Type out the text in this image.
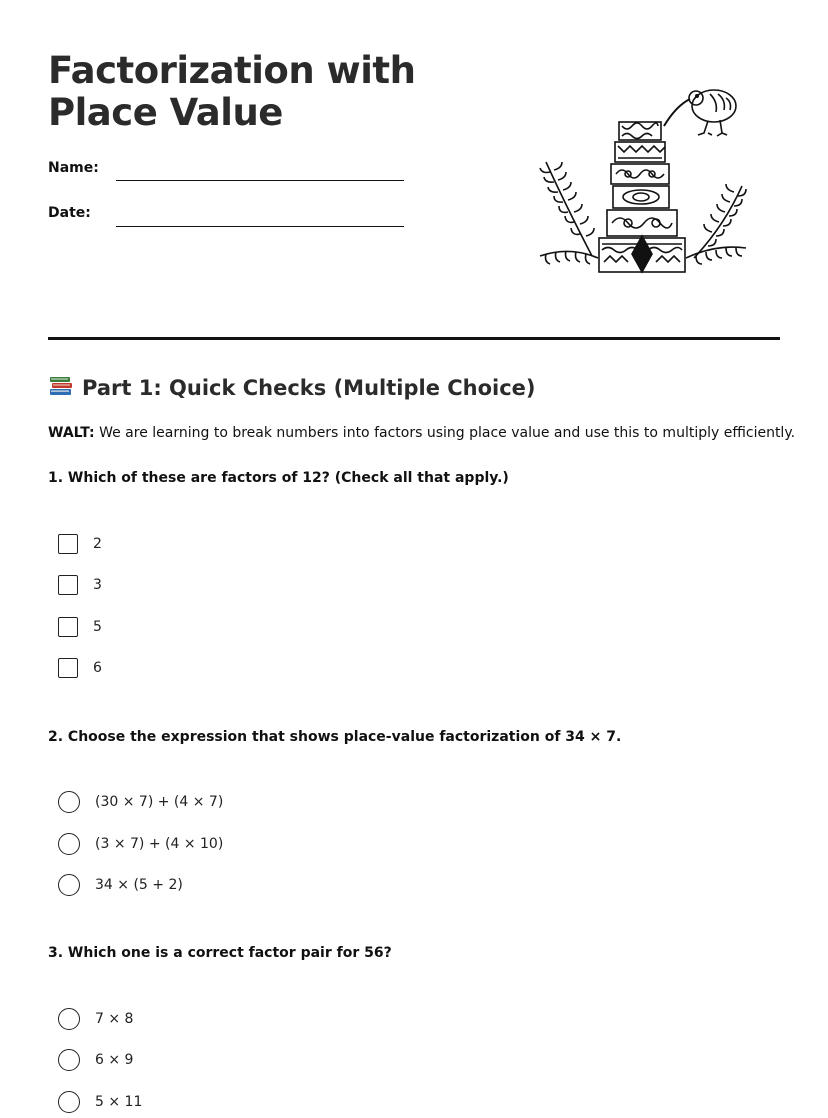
Factorization with Place Value
Name:
Date:
Part 1: Quick Checks (Multiple Choice)
WALT: We are learning to break numbers into factors using place value and use this to multiply efficiently.
1. Which of these are factors of 12? (Check all that apply.)
2
3
5
6
2. Choose the expression that shows place-value factorization of 34 × 7.
(30 × 7) + (4 × 7)
(3 × 7) + (4 × 10)
34 × (5 + 2)
3. Which one is a correct factor pair for 56?
7 × 8
6 × 9
5 × 11
